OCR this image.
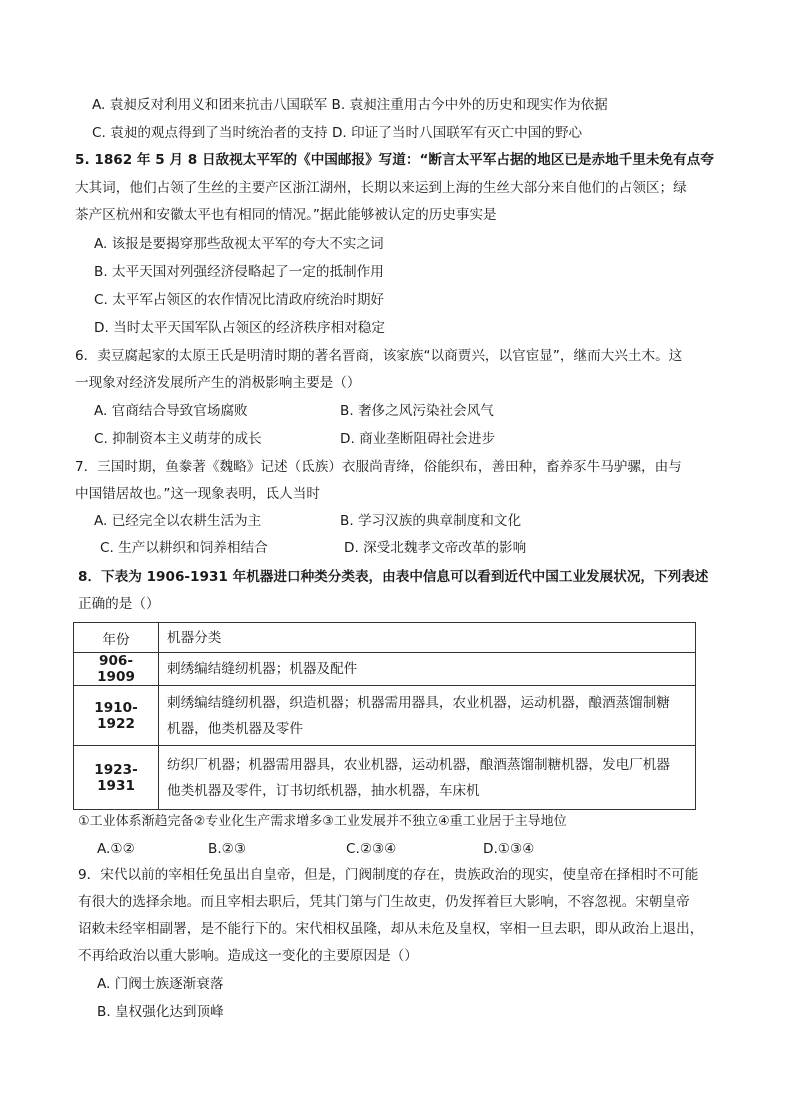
A. 袁昶反对利用义和团来抗击八国联军 B. 袁昶注重用古今中外的历史和现实作为依据
C. 袁昶的观点得到了当时统治者的支持 D. 印证了当时八国联军有灭亡中国的野心
5. 1862 年 5 月 8 日敌视太平军的《中国邮报》写道：“断言太平军占据的地区已是赤地千里未免有点夸
大其词，他们占领了生丝的主要产区浙江湖州，长期以来运到上海的生丝大部分来自他们的占领区；绿
茶产区杭州和安徽太平也有相同的情况。”据此能够被认定的历史事实是
A. 该报是要揭穿那些敌视太平军的夸大不实之词
B. 太平天国对列强经济侵略起了一定的抵制作用
C. 太平军占领区的农作情况比清政府统治时期好
D. 当时太平天国军队占领区的经济秩序相对稳定
6．卖豆腐起家的太原王氏是明清时期的著名晋商，该家族“以商贾兴，以官宦显”，继而大兴土木。这
一现象对经济发展所产生的消极影响主要是（）
A. 官商结合导致官场腐败	B. 奢侈之风污染社会风气
C. 抑制资本主义萌芽的成长	D. 商业垄断阻碍社会进步
7．三国时期，鱼豢著《魏略》记述（氐族）衣服尚青绛，俗能织布，善田种，畜养豕牛马驴骡，由与
中国错居故也。”这一现象表明，氐人当时
A. 已经完全以农耕生活为主	B. 学习汉族的典章制度和文化
C. 生产以耕织和饲养相结合	D. 深受北魏孝文帝改革的影响
8．下表为 1906-1931 年机器进口种类分类表，由表中信息可以看到近代中国工业发展状况，下列表述
正确的是（）
年份	机器分类
906-1909	刺绣编结缝纫机器；机器及配件
1910-1922	刺绣编结缝纫机器，织造机器；机器需用器具，农业机器，运动机器，酿酒蒸馏制糖
机器，他类机器及零件

1923-1931	纺织厂机器；机器需用器具，农业机器，运动机器，酿酒蒸馏制糖机器，发电厂机器
他类机器及零件，订书切纸机器，抽水机器，车床机
①工业体系渐趋完备②专业化生产需求增多③工业发展并不独立④重工业居于主导地位
A.①②	B.②③	C.②③④	D.①③④
9．宋代以前的宰相任免虽出自皇帝，但是，门阀制度的存在，贵族政治的现实，使皇帝在择相时不可能
有很大的选择余地。而且宰相去职后，凭其门第与门生故吏，仍发挥着巨大影响，不容忽视。宋朝皇帝
诏敕未经宰相副署，是不能行下的。宋代相权虽隆，却从未危及皇权，宰相一旦去职，即从政治上退出，
不再给政治以重大影响。造成这一变化的主要原因是（）
A. 门阀士族逐渐衰落
B. 皇权强化达到顶峰
